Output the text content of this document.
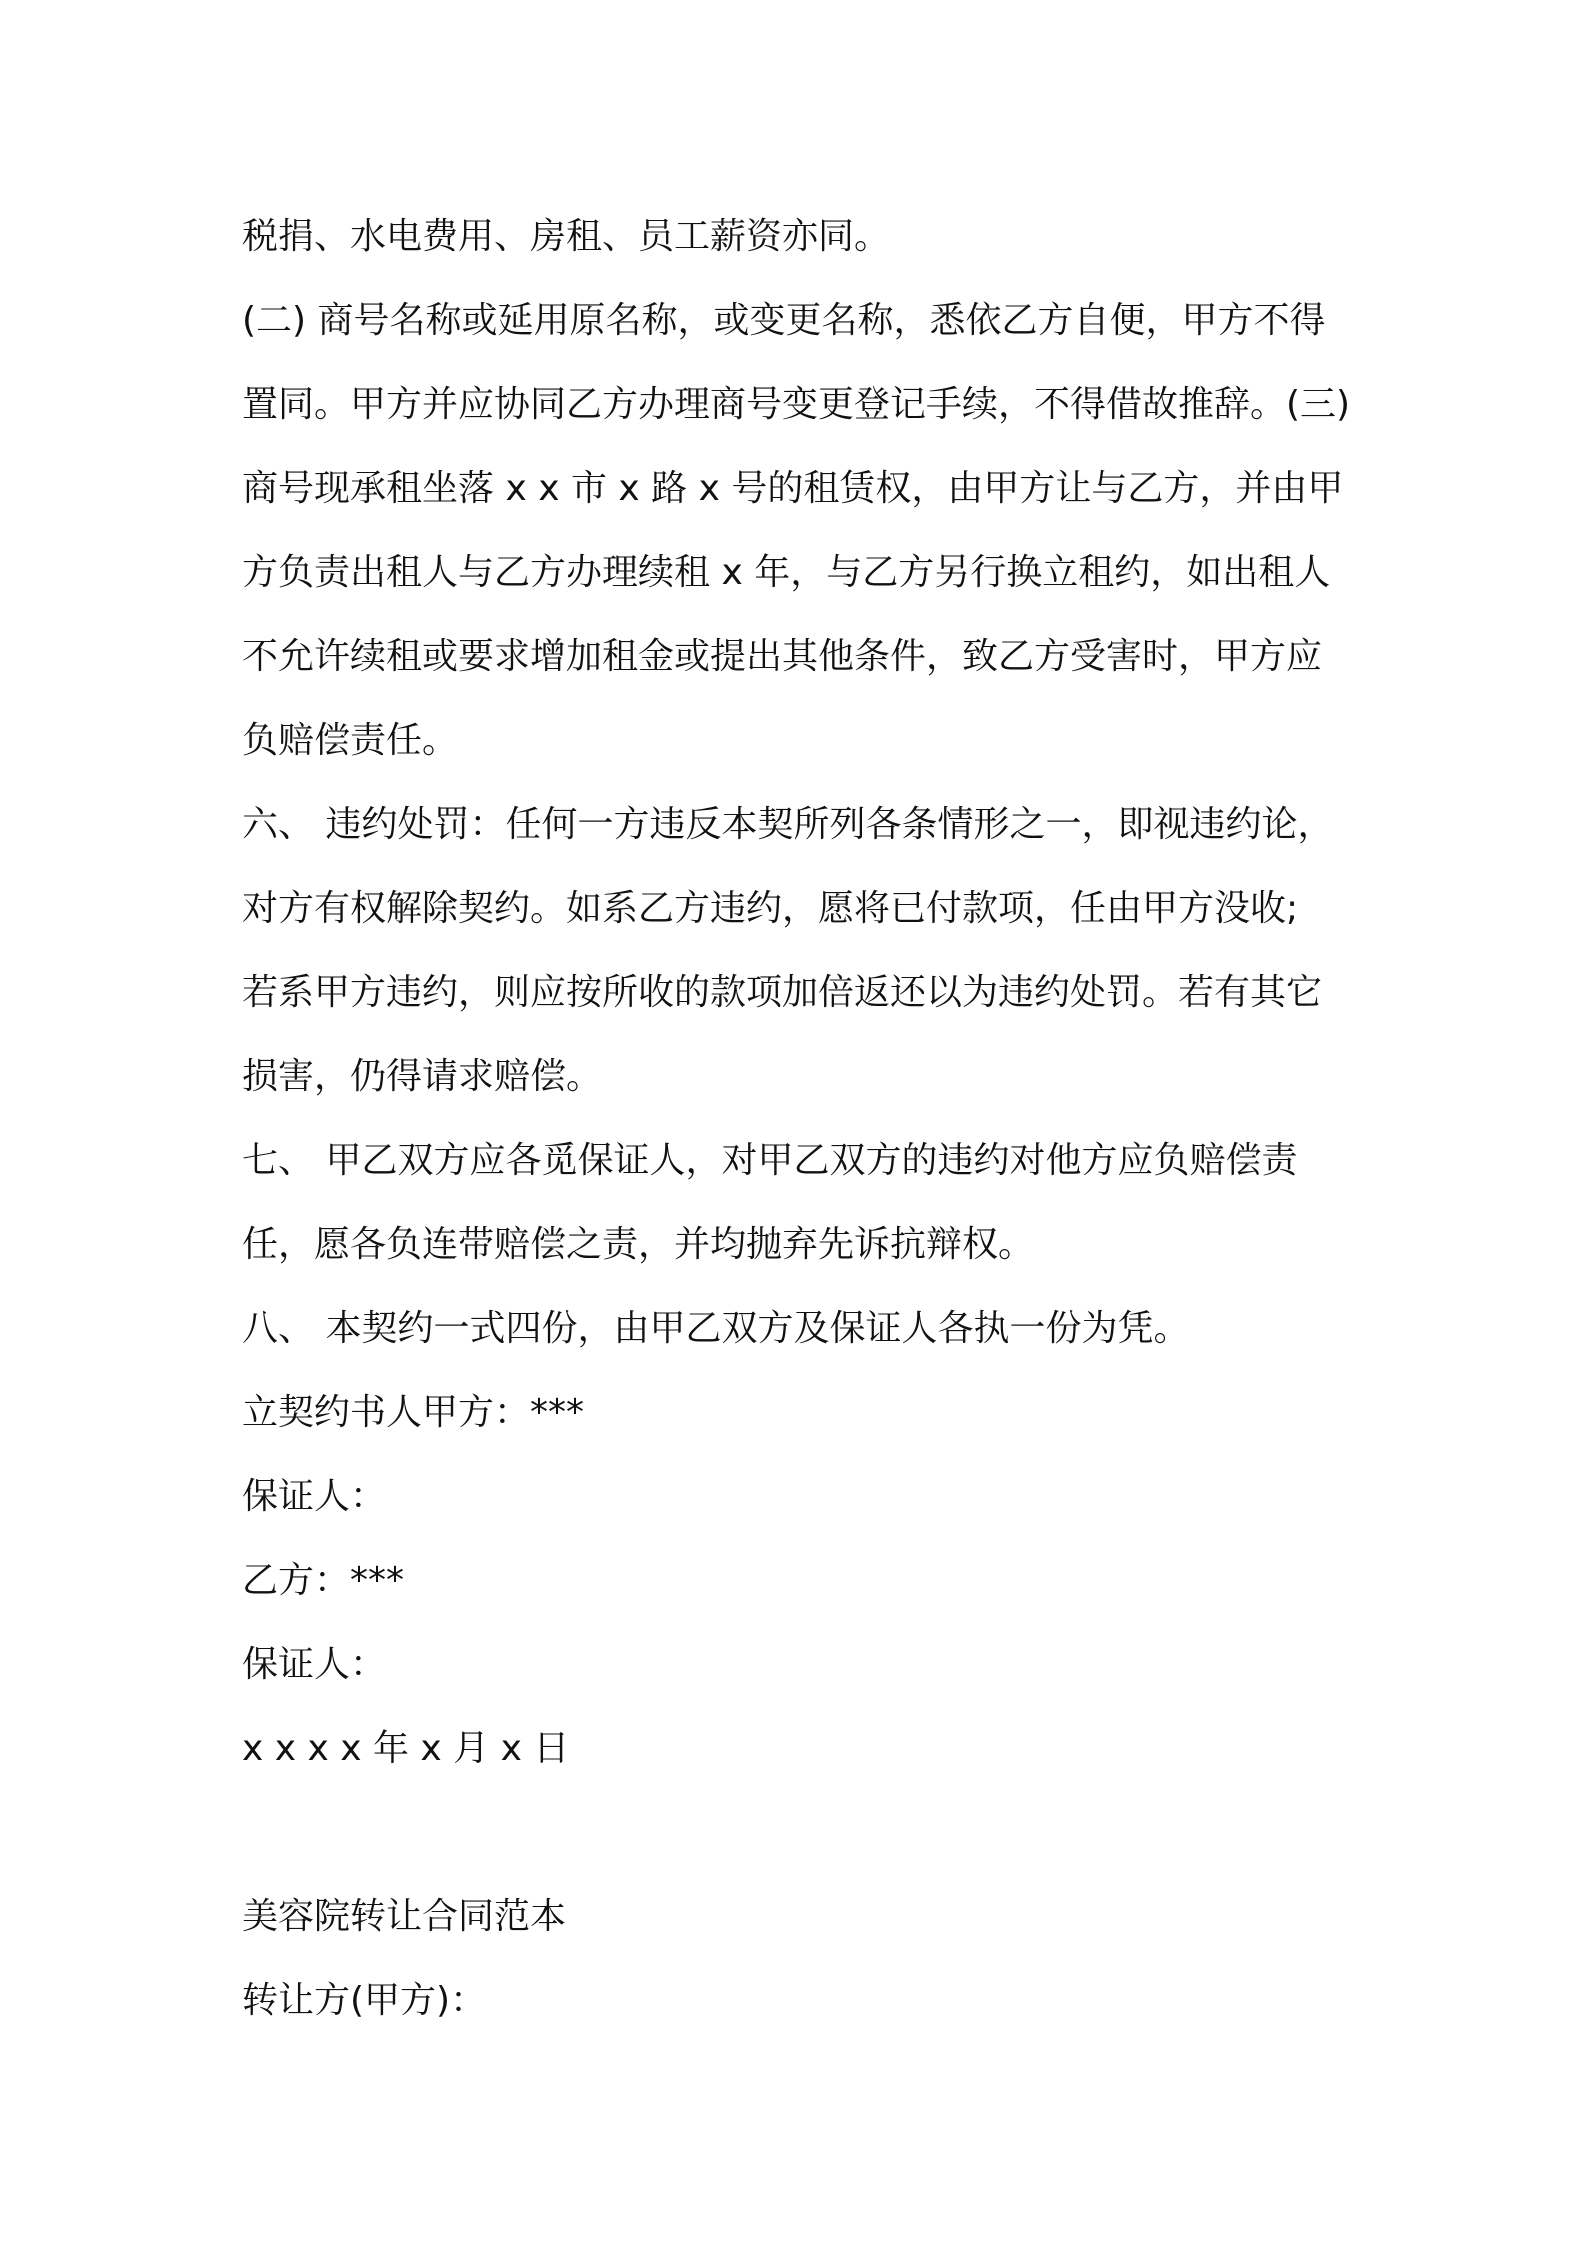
税捐、水电费用、房租、员工薪资亦同。
(二) 商号名称或延用原名称，或变更名称，悉依乙方自便，甲方不得
置同。甲方并应协同乙方办理商号变更登记手续，不得借故推辞。(三)
商号现承租坐落 x x 市 x 路 x 号的租赁权，由甲方让与乙方，并由甲
方负责出租人与乙方办理续租 x 年，与乙方另行换立租约，如出租人
不允许续租或要求增加租金或提出其他条件，致乙方受害时，甲方应
负赔偿责任。
六、 违约处罚：任何一方违反本契所列各条情形之一，即视违约论，
对方有权解除契约。如系乙方违约，愿将已付款项，任由甲方没收;
若系甲方违约，则应按所收的款项加倍返还以为违约处罚。若有其它
损害，仍得请求赔偿。
七、 甲乙双方应各觅保证人，对甲乙双方的违约对他方应负赔偿责
任，愿各负连带赔偿之责，并均抛弃先诉抗辩权。
八、 本契约一式四份，由甲乙双方及保证人各执一份为凭。
立契约书人甲方：***
保证人：
乙方：***
保证人：
x x x x 年 x 月 x 日
美容院转让合同范本
转让方(甲方)：
